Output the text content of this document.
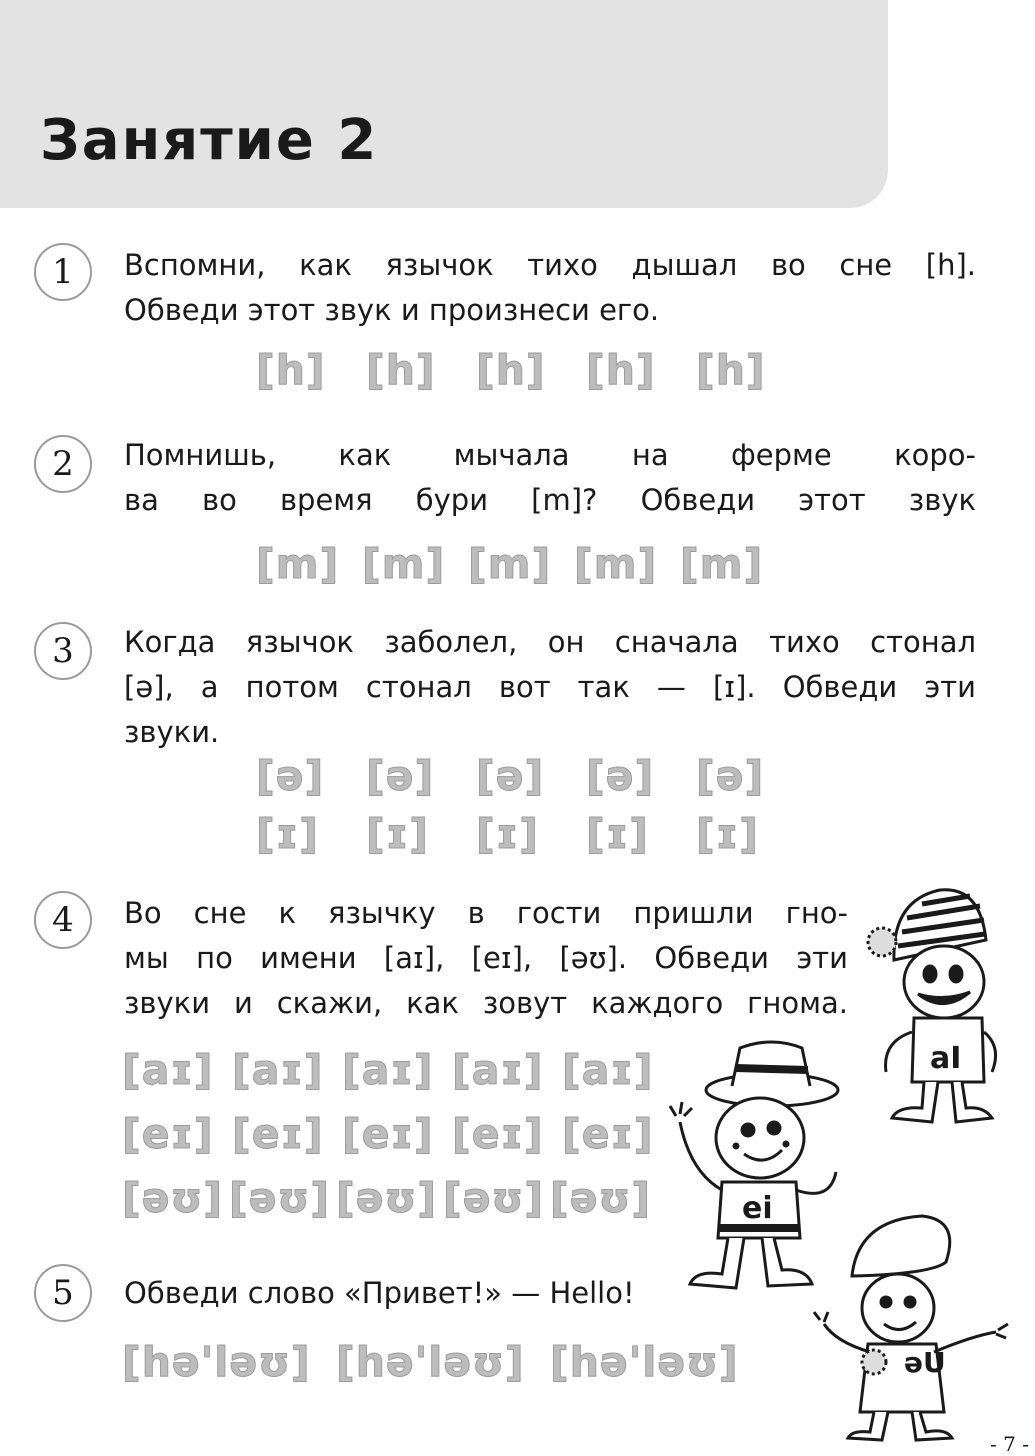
Занятие 2
1	Вспомни, как язычок тихо дышал во сне [h].
Обведи этот звук и произнеси его.
[h] [h] [h] [h] [h]
2	Помнишь, как мычала на ферме коро-
ва во время бури [m]? Обведи этот звук
[m] [m] [m] [m] [m]
3	Когда язычок заболел, он сначала тихо стонал
[ə], а потом стонал вот так — [ɪ]. Обведи эти
звуки.
[ə]	[ə]	[ə]	[ə]	[ə]
[ɪ]	[ɪ]	[ɪ]	[ɪ]	[ɪ]
4	Во сне к язычку в гости пришли гно-
мы по имени [aɪ], [eɪ], [əʊ]. Обведи эти
звуки и скажи, как зовут каждого гнома.
[aɪ] [aɪ] [aɪ] [aɪ] [aɪ]
[eɪ] [eɪ] [eɪ] [eɪ] [eɪ]
[əʊ] [əʊ] [əʊ] [əʊ] [əʊ]
5	Обведи слово «Привет!» — Hello!
[hə'ləʊ] [hə'ləʊ] [hə'ləʊ]
aI
ei
əU
- 7 -
